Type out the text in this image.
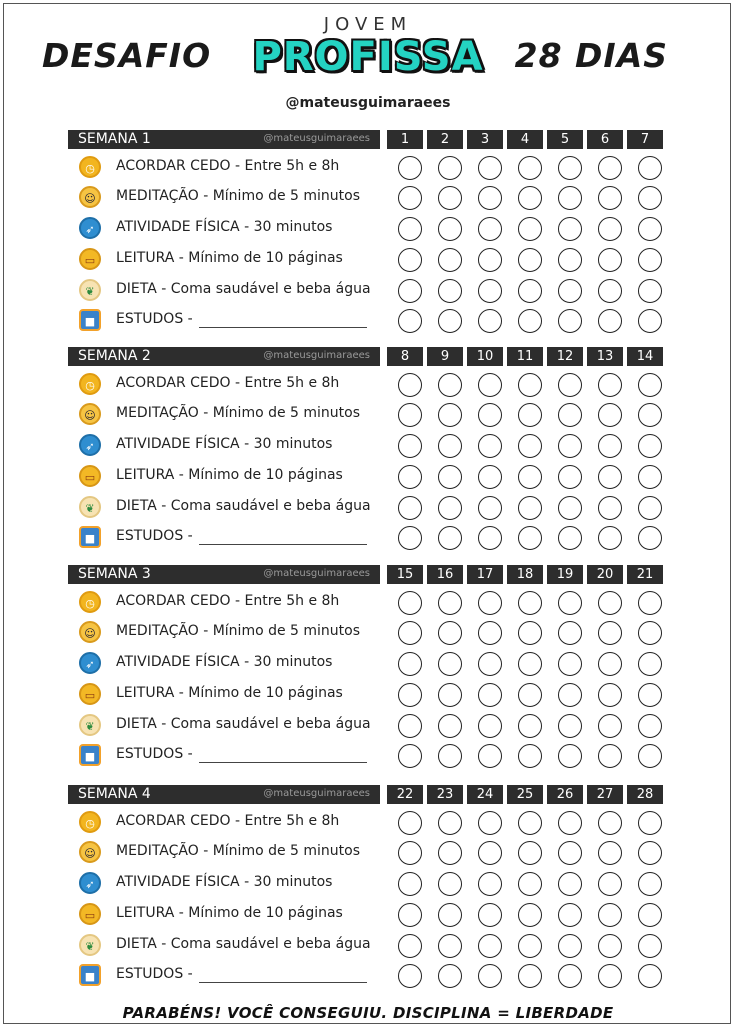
DESAFIO
JOVEM
PROFISSA 28 DIAS
@mateusguimaraees
SEMANA 1	@mateusguimaraees	1	2	3	4	5	6	7
◷	ACORDAR CEDO - Entre 5h e 8h
☺	MEDITAÇÃO - Mínimo de 5 minutos
➶	ATIVIDADE FÍSICA - 30 minutos
▭	LEITURA - Mínimo de 10 páginas
❦	DIETA - Coma saudável e beba água
■	ESTUDOS -
SEMANA 2	@mateusguimaraees	8	9	10	11	12	13	14
◷	ACORDAR CEDO - Entre 5h e 8h
☺	MEDITAÇÃO - Mínimo de 5 minutos
➶	ATIVIDADE FÍSICA - 30 minutos
▭	LEITURA - Mínimo de 10 páginas
❦	DIETA - Coma saudável e beba água
■	ESTUDOS -
SEMANA 3	@mateusguimaraees	15	16	17	18	19	20	21
◷	ACORDAR CEDO - Entre 5h e 8h
☺	MEDITAÇÃO - Mínimo de 5 minutos
➶	ATIVIDADE FÍSICA - 30 minutos
▭	LEITURA - Mínimo de 10 páginas
❦	DIETA - Coma saudável e beba água
■	ESTUDOS -
SEMANA 4	@mateusguimaraees	22	23	24	25	26	27	28
◷	ACORDAR CEDO - Entre 5h e 8h
☺	MEDITAÇÃO - Mínimo de 5 minutos
➶	ATIVIDADE FÍSICA - 30 minutos
▭	LEITURA - Mínimo de 10 páginas
❦	DIETA - Coma saudável e beba água
■	ESTUDOS -
PARABÉNS! VOCÊ CONSEGUIU. DISCIPLINA = LIBERDADE
